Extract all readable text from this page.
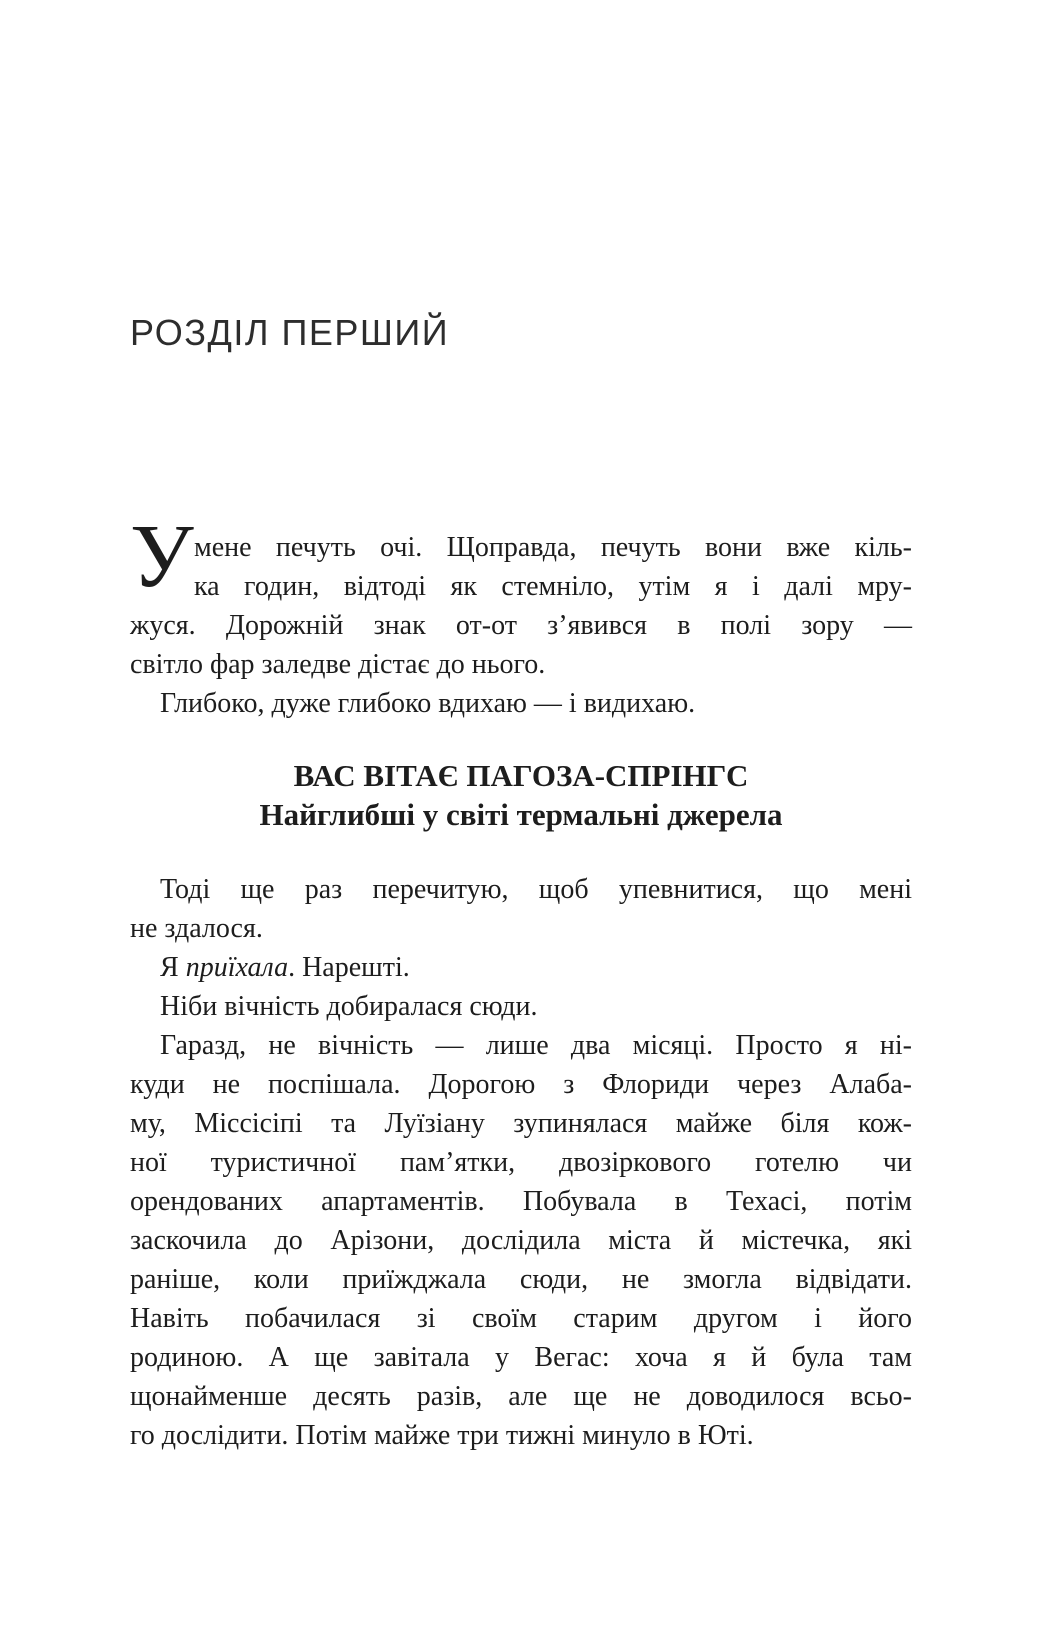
РОЗДІЛ ПЕРШИЙ
У мене печуть очі. Щоправда, печуть вони вже кіль-
ка годин, відтоді як стемніло, утім я і далі мру-
жуся. Дорожній знак от-от з’явився в полі зору —
світло фар заледве дістає до нього.
Глибоко, дуже глибоко вдихаю — і видихаю.
ВАС ВІТАЄ ПАГОЗА-СПРІНГС
Найглибші у світі термальні джерела
Тоді ще раз перечитую, щоб упевнитися, що мені
не здалося.
Я приїхала. Нарешті.
Ніби вічність добиралася сюди.
Гаразд, не вічність — лише два місяці. Просто я ні-
куди не поспішала. Дорогою з Флориди через Алаба-
му, Міссісіпі та Луїзіану зупинялася майже біля кож-
ної туристичної пам’ятки, двозіркового готелю чи
орендованих апартаментів. Побувала в Техасі, потім
заскочила до Арізони, дослідила міста й містечка, які
раніше, коли приїжджала сюди, не змогла відвідати.
Навіть побачилася зі своїм старим другом і його
родиною. А ще завітала у Вегас: хоча я й була там
щонайменше десять разів, але ще не доводилося всьо-
го дослідити. Потім майже три тижні минуло в Юті.
